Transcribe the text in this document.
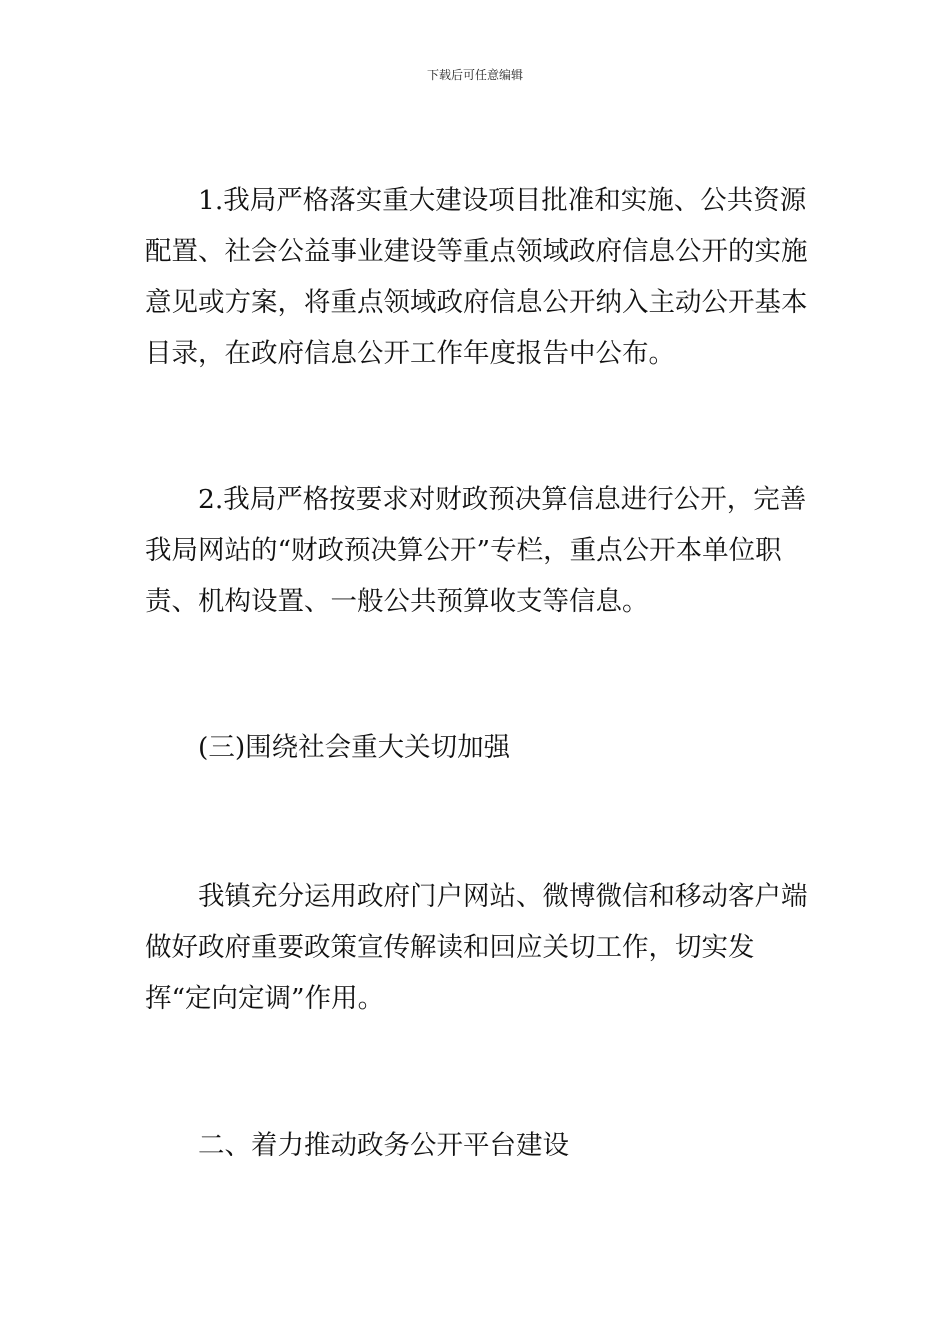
下载后可任意编辑

1.我局严格落实重大建设项目批准和实施、公共资源配置、社会公益事业建设等重点领域政府信息公开的实施意见或方案，将重点领域政府信息公开纳入主动公开基本目录，在政府信息公开工作年度报告中公布。

2.我局严格按要求对财政预决算信息进行公开，完善我局网站的“财政预决算公开”专栏，重点公开本单位职责、机构设置、一般公共预算收支等信息。

(三)围绕社会重大关切加强

我镇充分运用政府门户网站、微博微信和移动客户端做好政府重要政策宣传解读和回应关切工作，切实发挥“定向定调”作用。

二、着力推动政务公开平台建设
